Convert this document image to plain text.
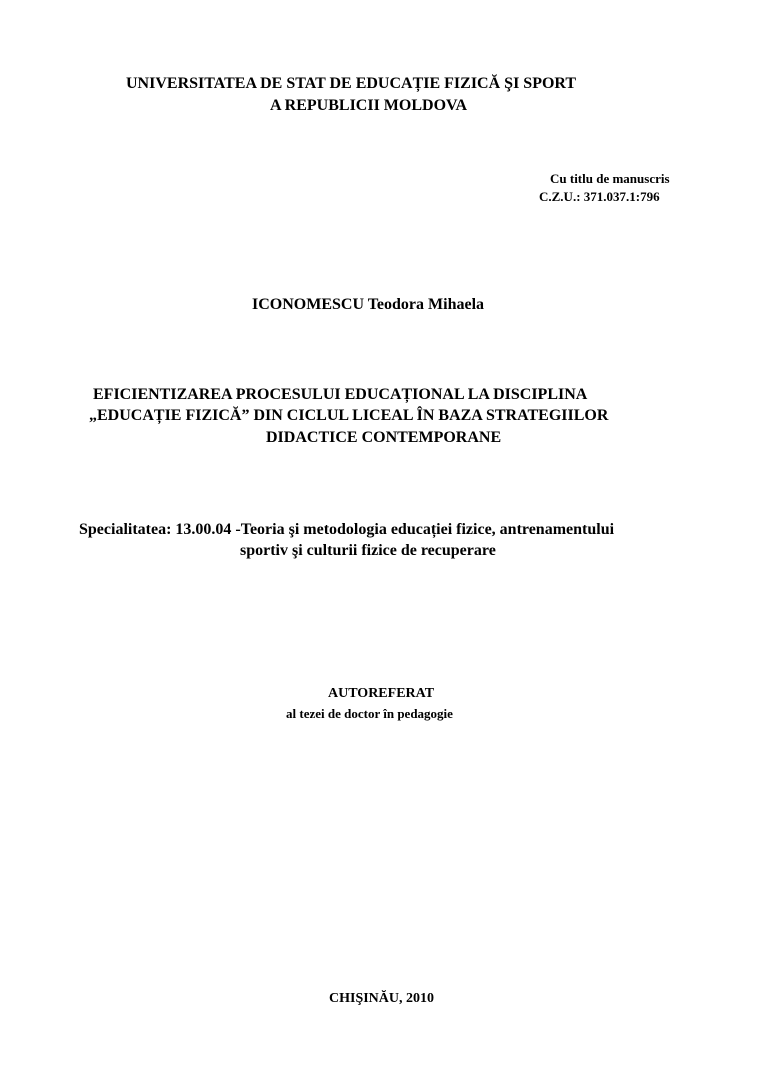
UNIVERSITATEA DE STAT DE EDUCAȚIE FIZICĂ ŞI SPORT
A REPUBLICII MOLDOVA
Cu titlu de manuscris
C.Z.U.: 371.037.1:796
ICONOMESCU Teodora Mihaela
EFICIENTIZAREA PROCESULUI EDUCAȚIONAL LA DISCIPLINA
„EDUCAȚIE FIZICĂ” DIN CICLUL LICEAL ÎN BAZA STRATEGIILOR
DIDACTICE CONTEMPORANE
Specialitatea: 13.00.04 -Teoria şi metodologia educației fizice, antrenamentului
sportiv şi culturii fizice de recuperare
AUTOREFERAT
al tezei de doctor în pedagogie
CHIŞINĂU, 2010
